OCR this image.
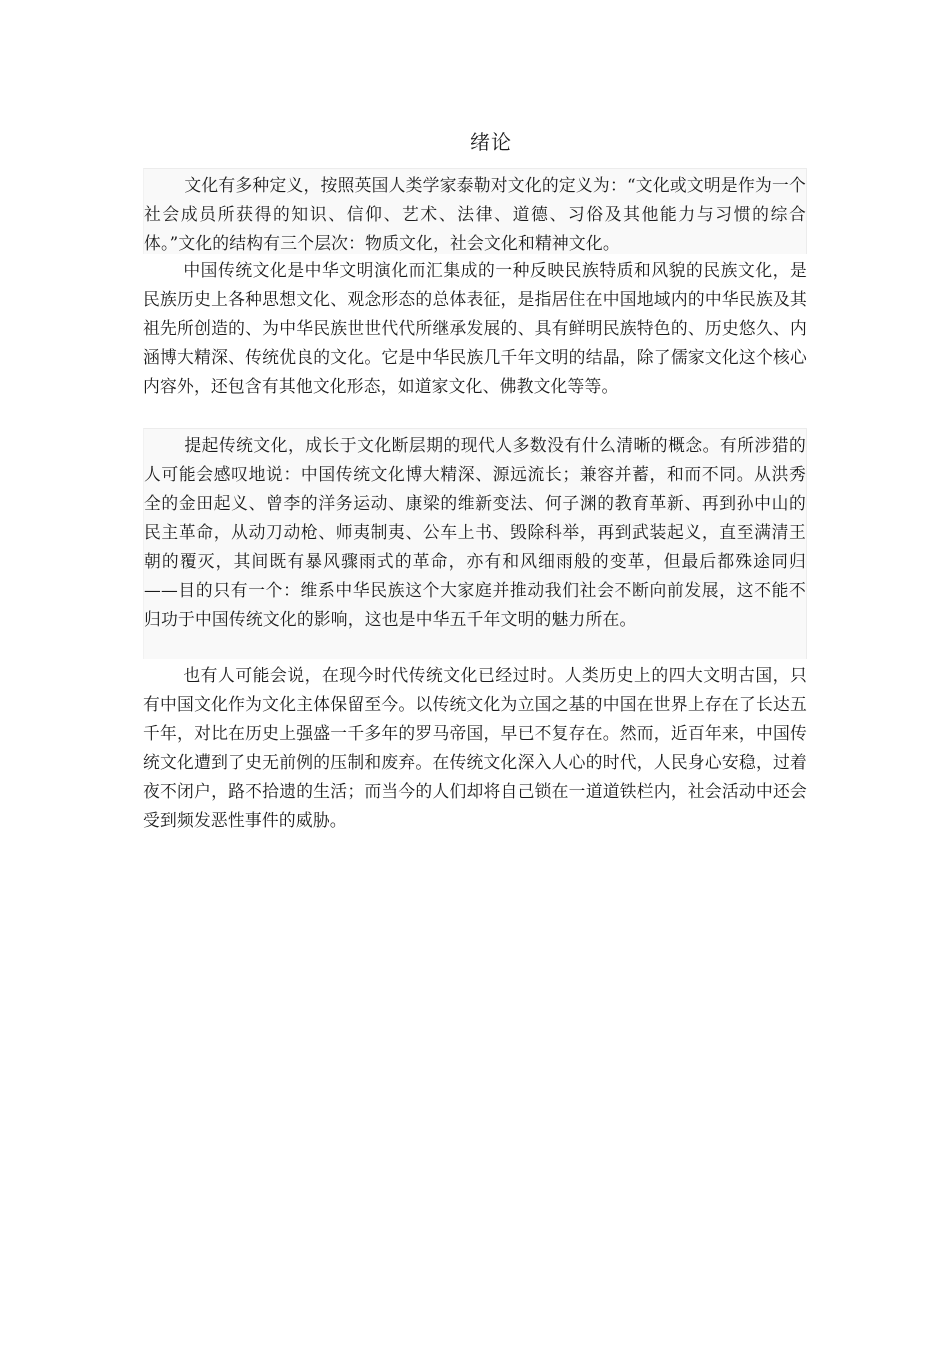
绪论

文化有多种定义，按照英国人类学家泰勒对文化的定义为：“文化或文明是作为一个社会成员所获得的知识、信仰、艺术、法律、道德、习俗及其他能力与习惯的综合体。”文化的结构有三个层次：物质文化，社会文化和精神文化。

中国传统文化是中华文明演化而汇集成的一种反映民族特质和风貌的民族文化，是民族历史上各种思想文化、观念形态的总体表征，是指居住在中国地域内的中华民族及其祖先所创造的、为中华民族世世代代所继承发展的、具有鲜明民族特色的、历史悠久、内涵博大精深、传统优良的文化。它是中华民族几千年文明的结晶，除了儒家文化这个核心内容外，还包含有其他文化形态，如道家文化、佛教文化等等。

提起传统文化，成长于文化断层期的现代人多数没有什么清晰的概念。有所涉猎的人可能会感叹地说：中国传统文化博大精深、源远流长；兼容并蓄，和而不同。从洪秀全的金田起义、曾李的洋务运动、康梁的维新变法、何子渊的教育革新、再到孙中山的民主革命，从动刀动枪、师夷制夷、公车上书、毁除科举，再到武装起义，直至满清王朝的覆灭，其间既有暴风骤雨式的革命，亦有和风细雨般的变革，但最后都殊途同归——目的只有一个：维系中华民族这个大家庭并推动我们社会不断向前发展，这不能不归功于中国传统文化的影响，这也是中华五千年文明的魅力所在。

也有人可能会说，在现今时代传统文化已经过时。人类历史上的四大文明古国，只有中国文化作为文化主体保留至今。以传统文化为立国之基的中国在世界上存在了长达五千年，对比在历史上强盛一千多年的罗马帝国，早已不复存在。然而，近百年来，中国传统文化遭到了史无前例的压制和废弃。在传统文化深入人心的时代，人民身心安稳，过着夜不闭户，路不拾遗的生活；而当今的人们却将自己锁在一道道铁栏内，社会活动中还会受到频发恶性事件的威胁。
